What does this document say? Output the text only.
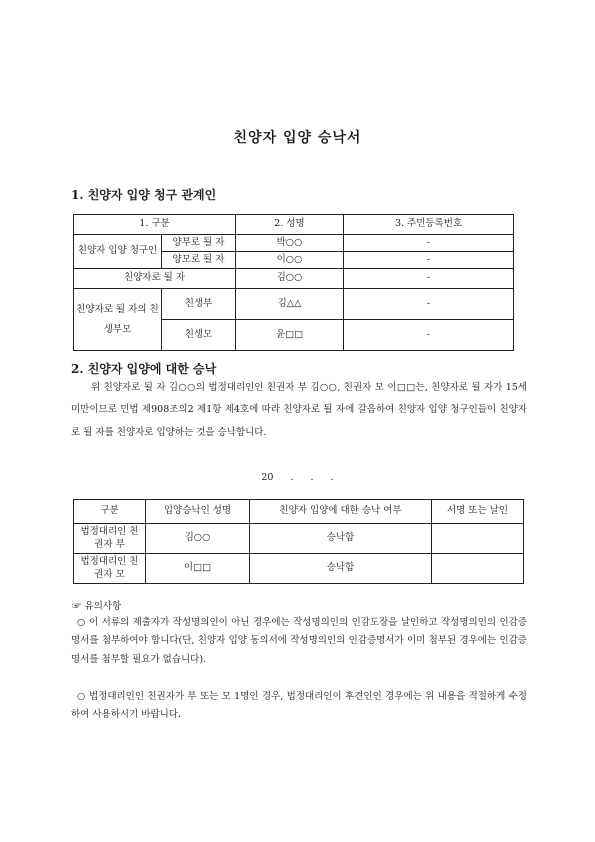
친양자 입양 승낙서
1. 친양자 입양 청구 관계인
1. 구분		2. 성명	3. 주민등록번호
친양자 입양 청구인	양부로 될 자	박○○	-
	양모로 될 자	이○○	-
친양자로 될 자		김○○	-
친양자로 될 자의 친생부모	친생부	김△△	-
	친생모	윤□□	-
2. 친양자 입양에 대한 승낙
위 친양자로 될 자 김○○의 법정대리인인 친권자 부 김○○, 친권자 모 이□□는, 친양자로 될 자가 15세 미만이므로 민법 제908조의2 제1항 제4호에 따라 친양자로 될 자에 갈음하여 친양자 입양 청구인들이 친양자로 될 자를 친양자로 입양하는 것을 승낙합니다.
20 . . .
구분	입양승낙인 성명	친양자 입양에 대한 승낙 여부	서명 또는 날인
법정대리인 친권자 부	김○○	승낙함	
법정대리인 친권자 모	이□□	승낙함	
☞ 유의사항
○ 이 서류의 제출자가 작성명의인이 아닌 경우에는 작성명의인의 인감도장을 날인하고 작성명의인의 인감증명서를 첨부하여야 합니다(단, 친양자 입양 동의서에 작성명의인의 인감증명서가 이미 첨부된 경우에는 인감증명서를 첨부할 필요가 없습니다).
○ 법정대리인인 친권자가 부 또는 모 1명인 경우, 법정대리인이 후견인인 경우에는 위 내용을 적절하게 수정하여 사용하시기 바랍니다.
